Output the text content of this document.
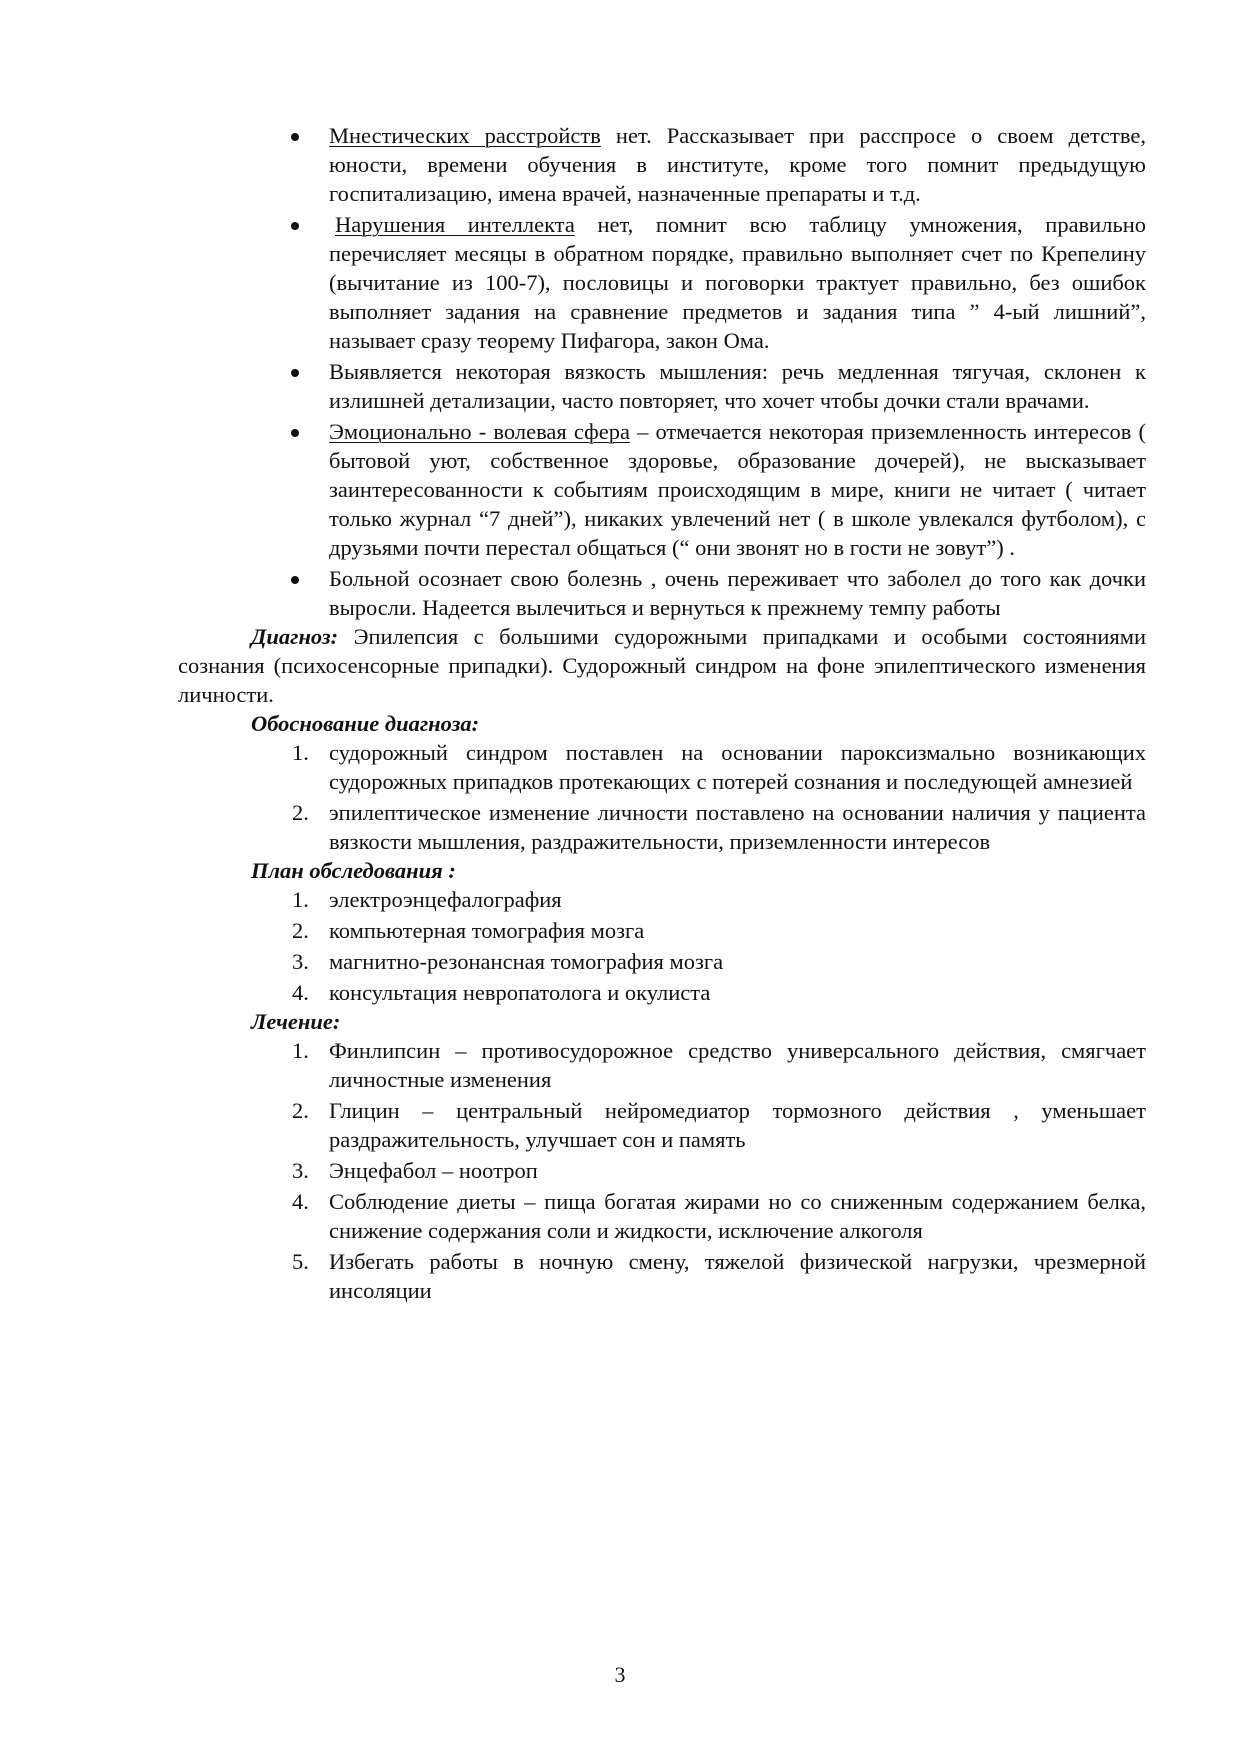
Мнестических расстройств нет. Рассказывает при расспросе о своем детстве, юности, времени обучения в институте, кроме того помнит предыдущую госпитализацию, имена врачей, назначенные препараты и т.д.
Нарушения интеллекта нет, помнит всю таблицу умножения, правильно перечисляет месяцы в обратном порядке, правильно выполняет счет по Крепелину (вычитание из 100-7), пословицы и поговорки трактует правильно, без ошибок выполняет задания на сравнение предметов и задания типа ” 4-ый лишний”, называет сразу теорему Пифагора, закон Ома.
Выявляется некоторая вязкость мышления: речь медленная тягучая, склонен к излишней детализации, часто повторяет, что хочет чтобы дочки стали врачами.
Эмоционально - волевая сфера – отмечается некоторая приземленность интересов ( бытовой уют, собственное здоровье, образование дочерей), не высказывает заинтересованности к событиям происходящим в мире, книги не читает ( читает только журнал “7 дней”), никаких увлечений нет ( в школе увлекался футболом), с друзьями почти перестал общаться (“ они звонят но в гости не зовут”) .
Больной осознает свою болезнь , очень переживает что заболел до того как дочки выросли. Надеется вылечиться и вернуться к прежнему темпу работы

Диагноз: Эпилепсия с большими судорожными припадками и особыми состояниями сознания (психосенсорные припадки). Судорожный синдром на фоне эпилептического изменения личности.

Обоснование диагноза:

1. судорожный синдром поставлен на основании пароксизмально возникающих судорожных припадков протекающих с потерей сознания и последующей амнезией
2. эпилептическое изменение личности поставлено на основании наличия у пациента вязкости мышления, раздражительности, приземленности интересов

План обследования :

1. электроэнцефалография
2. компьютерная томография мозга
3. магнитно-резонансная томография мозга
4. консультация невропатолога и окулиста

Лечение:

1. Финлипсин – противосудорожное средство универсального действия, смягчает личностные изменения
2. Глицин – центральный нейромедиатор тормозного действия , уменьшает раздражительность, улучшает сон и память
3. Энцефабол – ноотроп
4. Соблюдение диеты – пища богатая жирами но со сниженным содержанием белка, снижение содержания соли и жидкости, исключение алкоголя
5. Избегать работы в ночную смену, тяжелой физической нагрузки, чрезмерной инсоляции
3
